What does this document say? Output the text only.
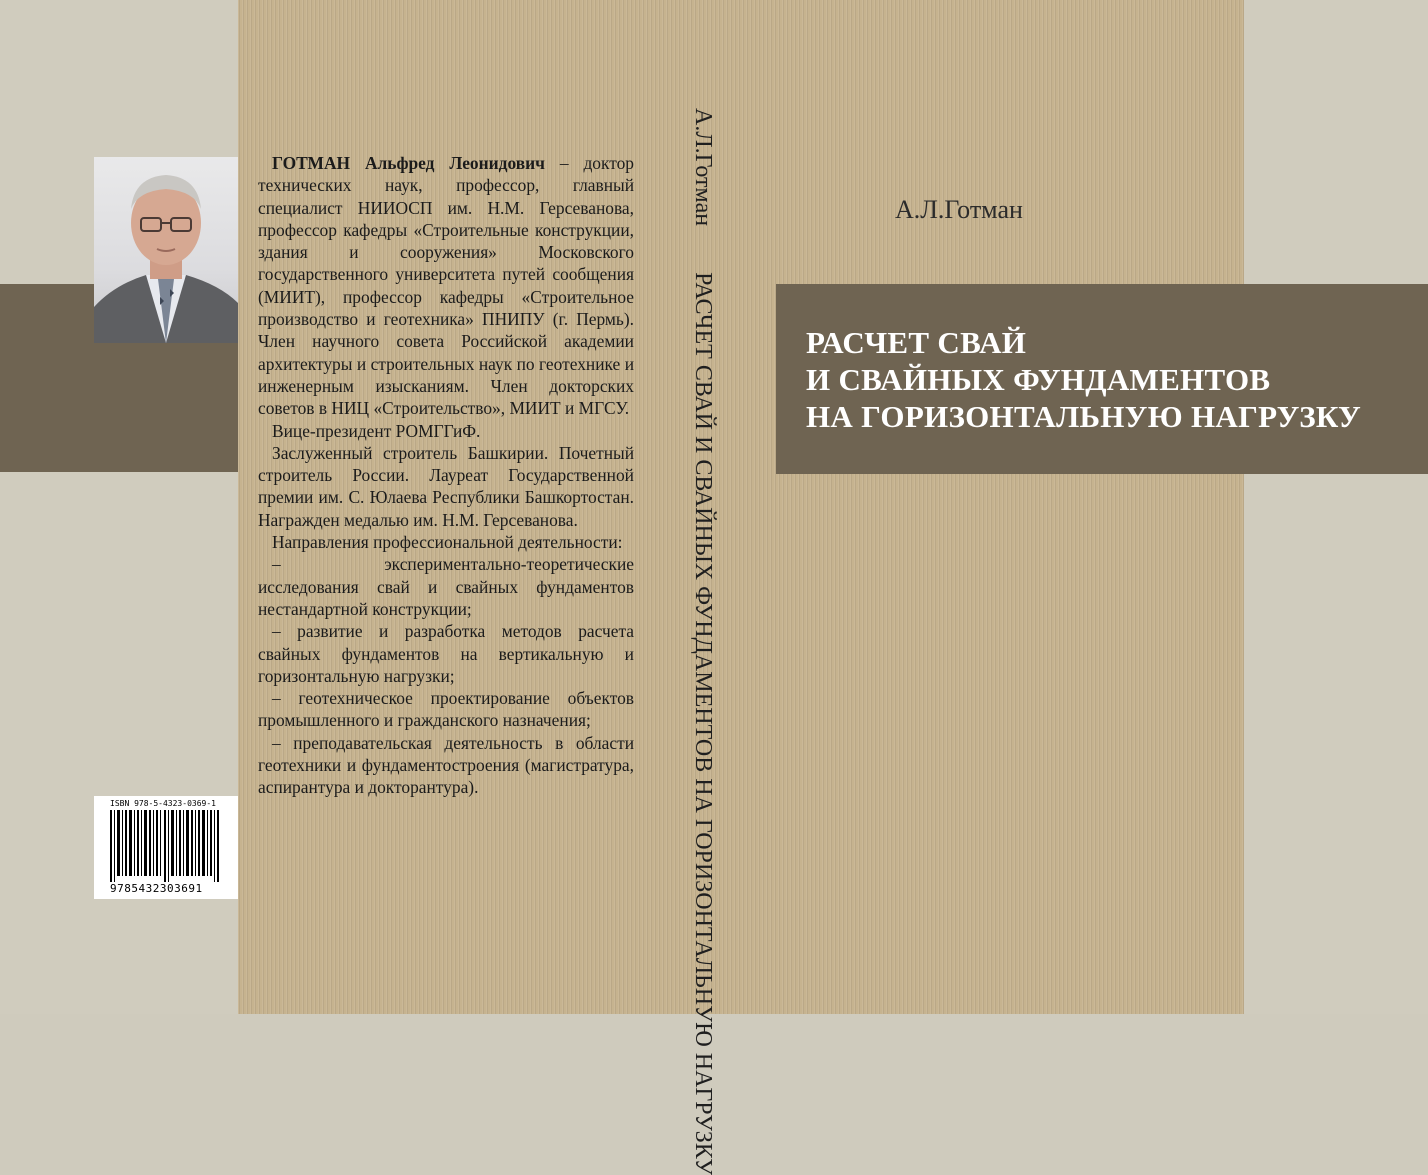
А.Л.Готман
РАСЧЕТ СВАЙ
И СВАЙНЫХ ФУНДАМЕНТОВ
НА ГОРИЗОНТАЛЬНУЮ НАГРУЗКУ
А.Л.Готман РАСЧЕТ СВАЙ И СВАЙНЫХ ФУНДАМЕНТОВ НА ГОРИЗОНТАЛЬНУЮ НАГРУЗКУ

ГОТМАН Альфред Леонидович – доктор технических наук, профессор, главный специалист НИИОСП им. Н.М. Герсеванова, профессор кафедры «Строительные конструкции, здания и сооружения» Московского государственного университета путей сообщения (МИИТ), профессор кафедры «Строительное производство и геотехника» ПНИПУ (г. Пермь). Член научного совета Российской академии архитектуры и строительных наук по геотехнике и инженерным изысканиям. Член докторских советов в НИЦ «Строительство», МИИТ и МГСУ.

Вице-президент РОМГГиФ.

Заслуженный строитель Башкирии. Почетный строитель России. Лауреат Государственной премии им. С. Юлаева Республики Башкортостан. Награжден медалью им. Н.М. Герсеванова.

Направления профессиональной деятельности:

– экспериментально-теоретические исследования свай и свайных фундаментов нестандартной конструкции;

– развитие и разработка методов расчета свайных фундаментов на вертикальную и горизонтальную нагрузки;

– геотехническое проектирование объектов промышленного и гражданского назначения;

– преподавательская деятельность в области геотехники и фундаментостроения (магистратура, аспирантура и докторантура).

ISBN 978-5-4323-0369-1
9785432303691
